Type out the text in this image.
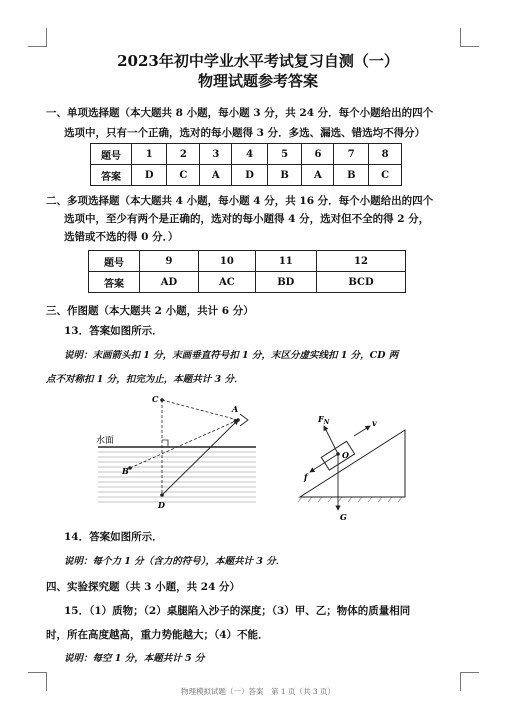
2023年初中学业水平考试复习自测（一）
物理试题参考答案
一、单项选择题（本大题共 8 小题，每小题 3 分，共 24 分．每个小题给出的四个
选项中，只有一个正确，选对的每小题得 3 分．多选、漏选、错选均不得分）
题号	1	2	3	4	5	6	7	8
答案	D	C	A	D	B	A	B	C
二、多项选择题（本大题共 4 小题，每小题 4 分，共 16 分．每个小题给出的四个
选项中，至少有两个是正确的，选对的每小题得 4 分，选对但不全的得 2 分，
选错或不选的得 0 分．）
题号	9	10	11	12
答案	AD	AC	BD	BCD
三、作图题（本大题共 2 小题，共计 6 分）
13．答案如图所示．
说明：末画箭头扣 1 分，末画垂直符号扣 1 分，末区分虚实线扣 1 分，CD 两
点不对称扣 1 分，扣完为止，本题共计 3 分．
水面
A
B
C
D
$F_N$	v
O
f
G
14．答案如图所示．
说明：每个力 1 分（含力的符号），本题共计 3 分．
四、实验探究题（共 3 小题，共 24 分）
15．（1）质物；（2）桌腿陷入沙子的深度；（3）甲、乙；物体的质量相同
时，所在高度越高，重力势能越大；（4）不能．
说明：每空 1 分，本题共计 5 分
物理模拟试题（一）答案　第 1 页（共 3 页）
